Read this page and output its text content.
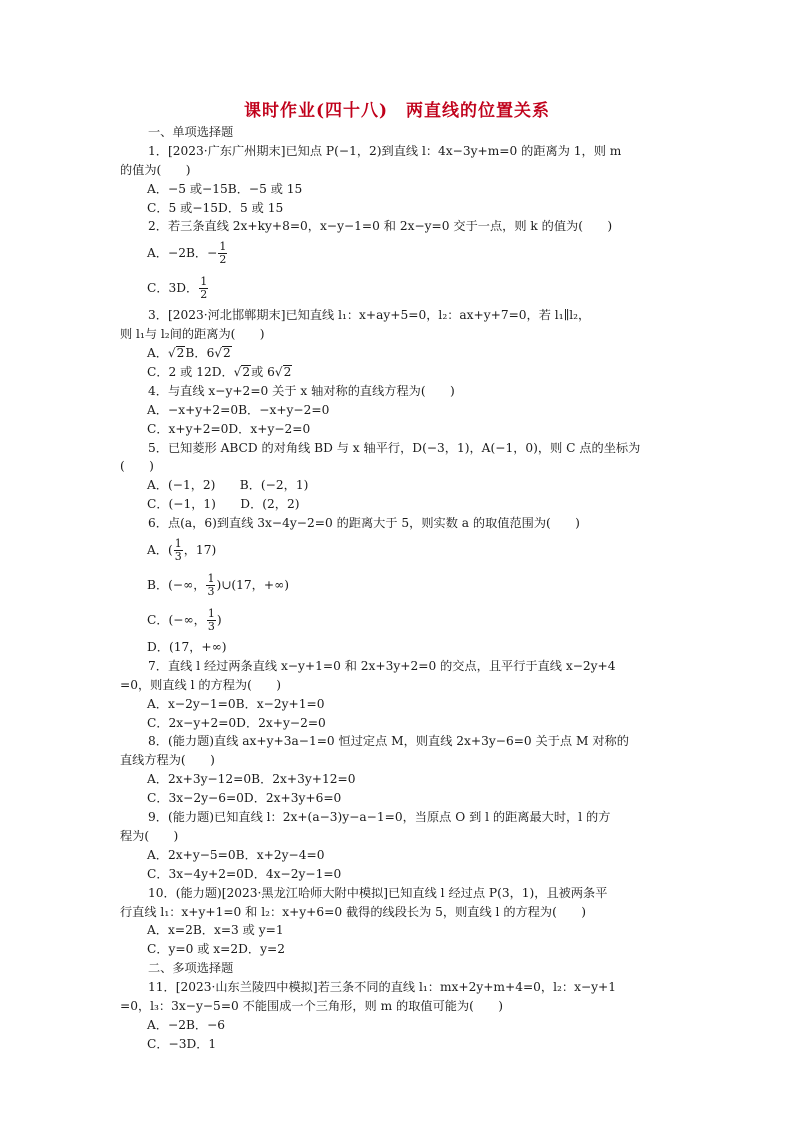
课时作业(四十八) 两直线的位置关系
一、单项选择题
1．[2023·广东广州期末]已知点 P(−1，2)到直线 l：4x−3y+m=0 的距离为 1，则 m
的值为(　　)
A．−5 或−15B．−5 或 15
C．5 或−15D．5 或 15
2．若三条直线 2x+ky+8=0，x−y−1=0 和 2x−y=0 交于一点，则 k 的值为(　　)
A．−2B．− $\frac{1}{2}$
C．3D． $\frac{1}{2}$
3．[2023·河北邯郸期末]已知直线 l₁：x+ay+5=0，l₂：ax+y+7=0，若 l₁∥l₂，
则 l₁与 l₂间的距离为(　　)
A．√2B．6√2
C．2 或 12D．√2或 6√2
4．与直线 x−y+2=0 关于 x 轴对称的直线方程为(　　)
A．−x+y+2=0B．−x+y−2=0
C．x+y+2=0D．x+y−2=0
5．已知菱形 ABCD 的对角线 BD 与 x 轴平行，D(−3，1)，A(−1，0)，则 C 点的坐标为
(　　)
A．(−1，2)　　B．(−2，1)
C．(−1，1)　　D．(2，2)
6．点(a，6)到直线 3x−4y−2=0 的距离大于 5，则实数 a 的取值范围为(　　)
A．( $\frac{1}{3}$ ，17)
B．(−∞， $\frac{1}{3}$ )∪(17，+∞)
C．(−∞， $\frac{1}{3}$ )
D．(17，+∞)
7．直线 l 经过两条直线 x−y+1=0 和 2x+3y+2=0 的交点，且平行于直线 x−2y+4
=0，则直线 l 的方程为(　　)
A．x−2y−1=0B．x−2y+1=0
C．2x−y+2=0D．2x+y−2=0
8．(能力题)直线 ax+y+3a−1=0 恒过定点 M，则直线 2x+3y−6=0 关于点 M 对称的
直线方程为(　　)
A．2x+3y−12=0B．2x+3y+12=0
C．3x−2y−6=0D．2x+3y+6=0
9．(能力题)已知直线 l：2x+(a−3)y−a−1=0，当原点 O 到 l 的距离最大时，l 的方
程为(　　)
A．2x+y−5=0B．x+2y−4=0
C．3x−4y+2=0D．4x−2y−1=0
10．(能力题)[2023·黑龙江哈师大附中模拟]已知直线 l 经过点 P(3，1)，且被两条平
行直线 l₁：x+y+1=0 和 l₂：x+y+6=0 截得的线段长为 5，则直线 l 的方程为(　　)
A．x=2B．x=3 或 y=1
C．y=0 或 x=2D．y=2
二、多项选择题
11．[2023·山东兰陵四中模拟]若三条不同的直线 l₁：mx+2y+m+4=0，l₂：x−y+1
=0，l₃：3x−y−5=0 不能围成一个三角形，则 m 的取值可能为(　　)
A．−2B．−6
C．−3D．1
